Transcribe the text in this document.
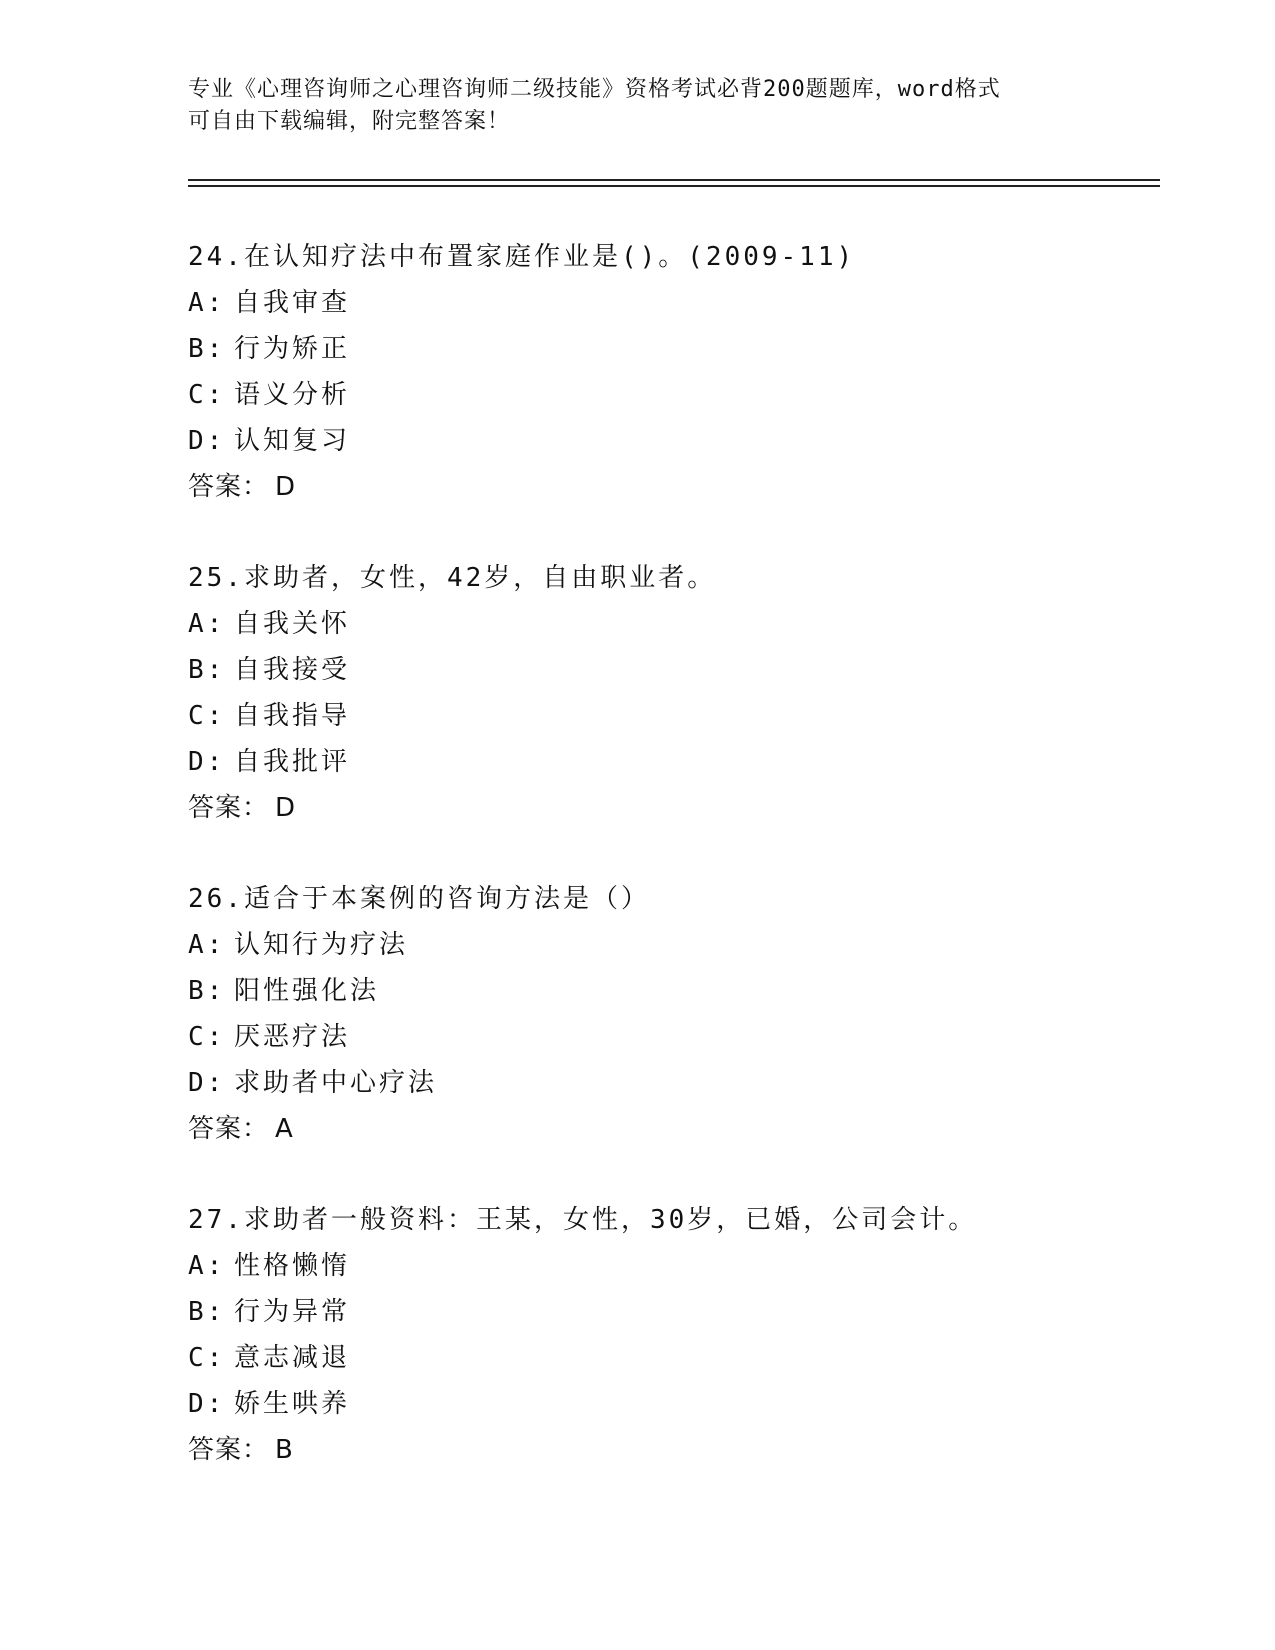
专业《心理咨询师之心理咨询师二级技能》资格考试必背200题题库，word格式
可自由下载编辑，附完整答案！
24.在认知疗法中布置家庭作业是()。(2009-11)
A: 自我审查
B: 行为矫正
C: 语义分析
D: 认知复习
答案： D
25.求助者，女性，42岁，自由职业者。
A: 自我关怀
B: 自我接受
C: 自我指导
D: 自我批评
答案： D
26.适合于本案例的咨询方法是（）
A: 认知行为疗法
B: 阳性强化法
C: 厌恶疗法
D: 求助者中心疗法
答案： A
27.求助者一般资料：王某，女性，30岁，已婚，公司会计。
A: 性格懒惰
B: 行为异常
C: 意志减退
D: 娇生哄养
答案： B
